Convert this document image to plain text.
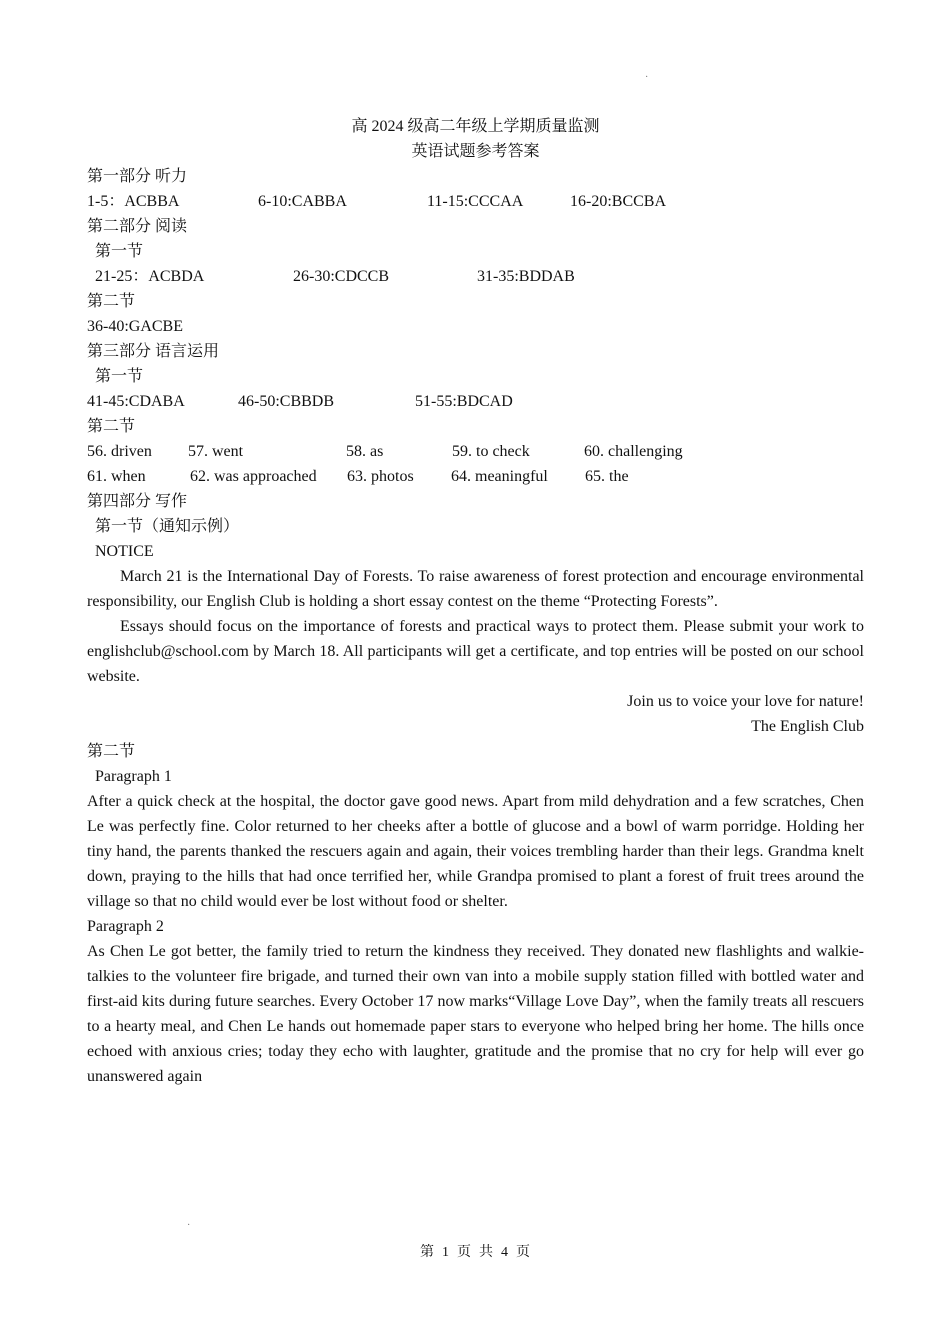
·
·
高 2024 级高二年级上学期质量监测
英语试题参考答案
第一部分 听力
1-5：ACBBA	6-10:CABBA	11-15:CCCAA	16-20:BCCBA
第二部分 阅读
第一节
21-25：ACBDA	26-30:CDCCB	31-35:BDDAB
第二节
36-40:GACBE
第三部分 语言运用
第一节
41-45:CDABA	46-50:CBBDB	51-55:BDCAD
第二节
56. driven 57. went	58. as	59. to check	60. challenging
61. when	62. was approached 63. photos 64. meaningful 65. the
第四部分 写作
第一节（通知示例）
NOTICE
March 21 is the International Day of Forests. To raise awareness of forest protection and encourage environmental responsibility, our English Club is holding a short essay contest on the theme “Protecting Forests”.
Essays should focus on the importance of forests and practical ways to protect them. Please submit your work to englishclub@school.com by March 18. All participants will get a certificate, and top entries will be posted on our school website.
Join us to voice your love for nature!
The English Club
第二节
Paragraph 1
After a quick check at the hospital, the doctor gave good news. Apart from mild dehydration and a few scratches, Chen Le was perfectly fine. Color returned to her cheeks after a bottle of glucose and a bowl of warm porridge. Holding her tiny hand, the parents thanked the rescuers again and again, their voices trembling harder than their legs. Grandma knelt down, praying to the hills that had once terrified her, while Grandpa promised to plant a forest of fruit trees around the village so that no child would ever be lost without food or shelter.
Paragraph 2
As Chen Le got better, the family tried to return the kindness they received. They donated new flashlights and walkie-talkies to the volunteer fire brigade, and turned their own van into a mobile supply station filled with bottled water and first-aid kits during future searches. Every October 17 now marks“Village Love Day”, when the family treats all rescuers to a hearty meal, and Chen Le hands out homemade paper stars to everyone who helped bring her home. The hills once echoed with anxious cries; today they echo with laughter, gratitude and the promise that no cry for help will ever go unanswered again
第 1 页 共 4 页
